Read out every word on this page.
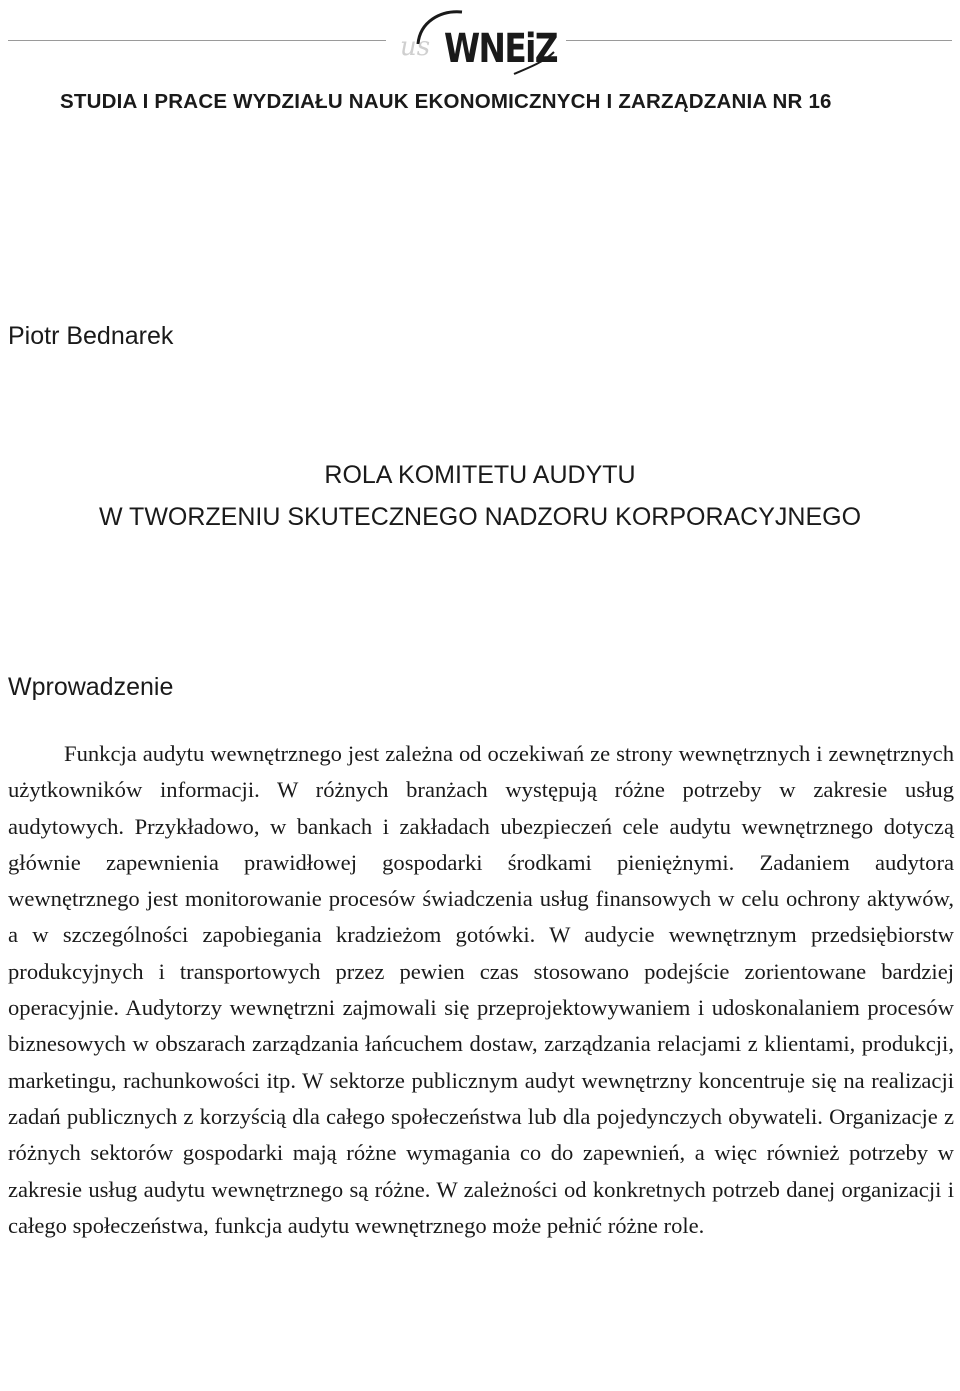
us WNEiZ
STUDIA I PRACE WYDZIAŁU NAUK EKONOMICZNYCH I ZARZĄDZANIA NR 16
Piotr Bednarek
ROLA KOMITETU AUDYTU
W TWORZENIU SKUTECZNEGO NADZORU KORPORACYJNEGO
Wprowadzenie

Funkcja audytu wewnętrznego jest zależna od oczekiwań ze strony wewnętrznych i zewnętrznych użytkowników informacji. W różnych branżach występują różne potrzeby w zakresie usług audytowych. Przykładowo, w bankach i zakładach ubezpieczeń cele audytu wewnętrznego dotyczą głównie zapewnienia prawidłowej gospodarki środkami pieniężnymi. Zadaniem audytora wewnętrznego jest monitorowanie procesów świadczenia usług finansowych w celu ochrony aktywów, a w szczególności zapobiegania kradzieżom gotówki. W audycie wewnętrznym przedsiębiorstw produkcyjnych i transportowych przez pewien czas stosowano podejście zorientowane bardziej operacyjnie. Audytorzy wewnętrzni zajmowali się przeprojektowywaniem i udoskonalaniem procesów biznesowych w obszarach zarządzania łańcuchem dostaw, zarządzania relacjami z klientami, produkcji, marketingu, rachunkowości itp. W sektorze publicznym audyt wewnętrzny koncentruje się na realizacji zadań publicznych z korzyścią dla całego społeczeństwa lub dla pojedynczych obywateli. Organizacje z różnych sektorów gospodarki mają różne wymagania co do zapewnień, a więc również potrzeby w zakresie usług audytu wewnętrznego są różne. W zależności od konkretnych potrzeb danej organizacji i całego społeczeństwa, funkcja audytu wewnętrznego może pełnić różne role.
